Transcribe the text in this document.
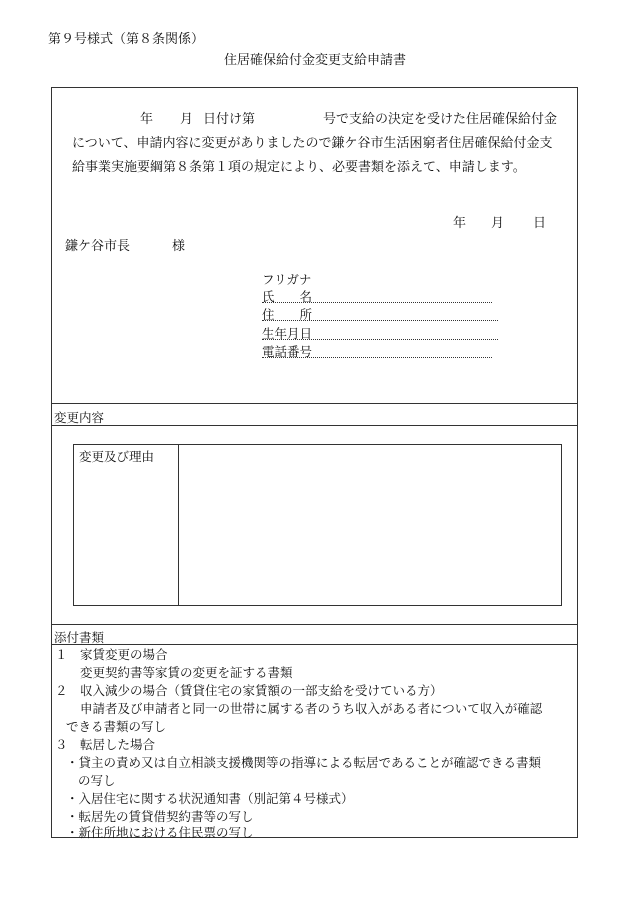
第９号様式（第８条関係）
住居確保給付金変更支給申請書
年 月 日付け第	号で支給の決定を受けた住居確保給付金
について、申請内容に変更がありましたので鎌ケ谷市生活困窮者住居確保給付金支
給事業実施要綱第８条第１項の規定により、必要書類を添えて、申請します。
年 月 日
鎌ケ谷市長	様
フリガナ
氏　　名
住　　所
生年月日
電話番号
変更内容
変更及び理由
添付書類
１ 家賃変更の場合
変更契約書等家賃の変更を証する書類
２ 収入減少の場合（賃貸住宅の家賃額の一部支給を受けている方）
申請者及び申請者と同一の世帯に属する者のうち収入がある者について収入が確認
できる書類の写し
３ 転居した場合
・貸主の責め又は自立相談支援機関等の指導による転居であることが確認できる書類
の写し
・入居住宅に関する状況通知書（別記第４号様式）
・転居先の賃貸借契約書等の写し
・新住所地における住民票の写し
